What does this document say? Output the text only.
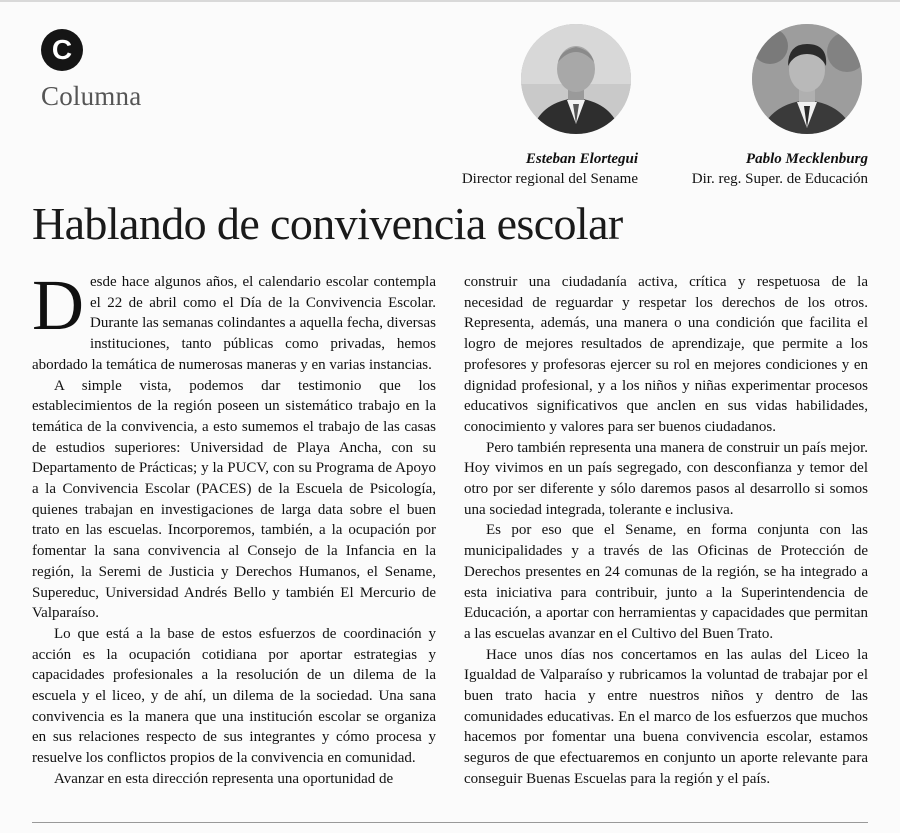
C
Columna
Esteban Elortegui
Director regional del Sename
Pablo Mecklenburg
Dir. reg. Super. de Educación
Hablando de convivencia escolar

Desde hace algunos años, el calendario escolar contempla el 22 de abril como el Día de la Convivencia Escolar. Durante las semanas colindantes a aquella fecha, diversas instituciones, tanto públicas como privadas, hemos abordado la temática de numerosas maneras y en varias instancias.

A simple vista, podemos dar testimonio que los establecimientos de la región poseen un sistemático trabajo en la temática de la convivencia, a esto sumemos el trabajo de las casas de estudios superiores: Universidad de Playa Ancha, con su Departamento de Prácticas; y la PUCV, con su Programa de Apoyo a la Convivencia Escolar (PACES) de la Escuela de Psicología, quienes trabajan en investigaciones de larga data sobre el buen trato en las escuelas. Incorporemos, también, a la ocupación por fomentar la sana convivencia al Consejo de la Infancia en la región, la Seremi de Justicia y Derechos Humanos, el Sename, Supereduc, Universidad Andrés Bello y también El Mercurio de Valparaíso.

Lo que está a la base de estos esfuerzos de coordinación y acción es la ocupación cotidiana por aportar estrategias y capacidades profesionales a la resolución de un dilema de la escuela y el liceo, y de ahí, un dilema de la sociedad. Una sana convivencia es la manera que una institución escolar se organiza en sus relaciones respecto de sus integrantes y cómo procesa y resuelve los conflictos propios de la convivencia en comunidad.

Avanzar en esta dirección representa una oportunidad de

construir una ciudadanía activa, crítica y respetuosa de la necesidad de reguardar y respetar los derechos de los otros. Representa, además, una manera o una condición que facilita el logro de mejores resultados de aprendizaje, que permite a los profesores y profesoras ejercer su rol en mejores condiciones y en dignidad profesional, y a los niños y niñas experimentar procesos educativos significativos que anclen en sus vidas habilidades, conocimiento y valores para ser buenos ciudadanos.

Pero también representa una manera de construir un país mejor. Hoy vivimos en un país segregado, con desconfianza y temor del otro por ser diferente y sólo daremos pasos al desarrollo si somos una sociedad integrada, tolerante e inclusiva.

Es por eso que el Sename, en forma conjunta con las municipalidades y a través de las Oficinas de Protección de Derechos presentes en 24 comunas de la región, se ha integrado a esta iniciativa para contribuir, junto a la Superintendencia de Educación, a aportar con herramientas y capacidades que permitan a las escuelas avanzar en el Cultivo del Buen Trato.

Hace unos días nos concertamos en las aulas del Liceo la Igualdad de Valparaíso y rubricamos la voluntad de trabajar por el buen trato hacia y entre nuestros niños y dentro de las comunidades educativas. En el marco de los esfuerzos que muchos hacemos por fomentar una buena convivencia escolar, estamos seguros de que efectuaremos en conjunto un aporte relevante para conseguir Buenas Escuelas para la región y el país.
